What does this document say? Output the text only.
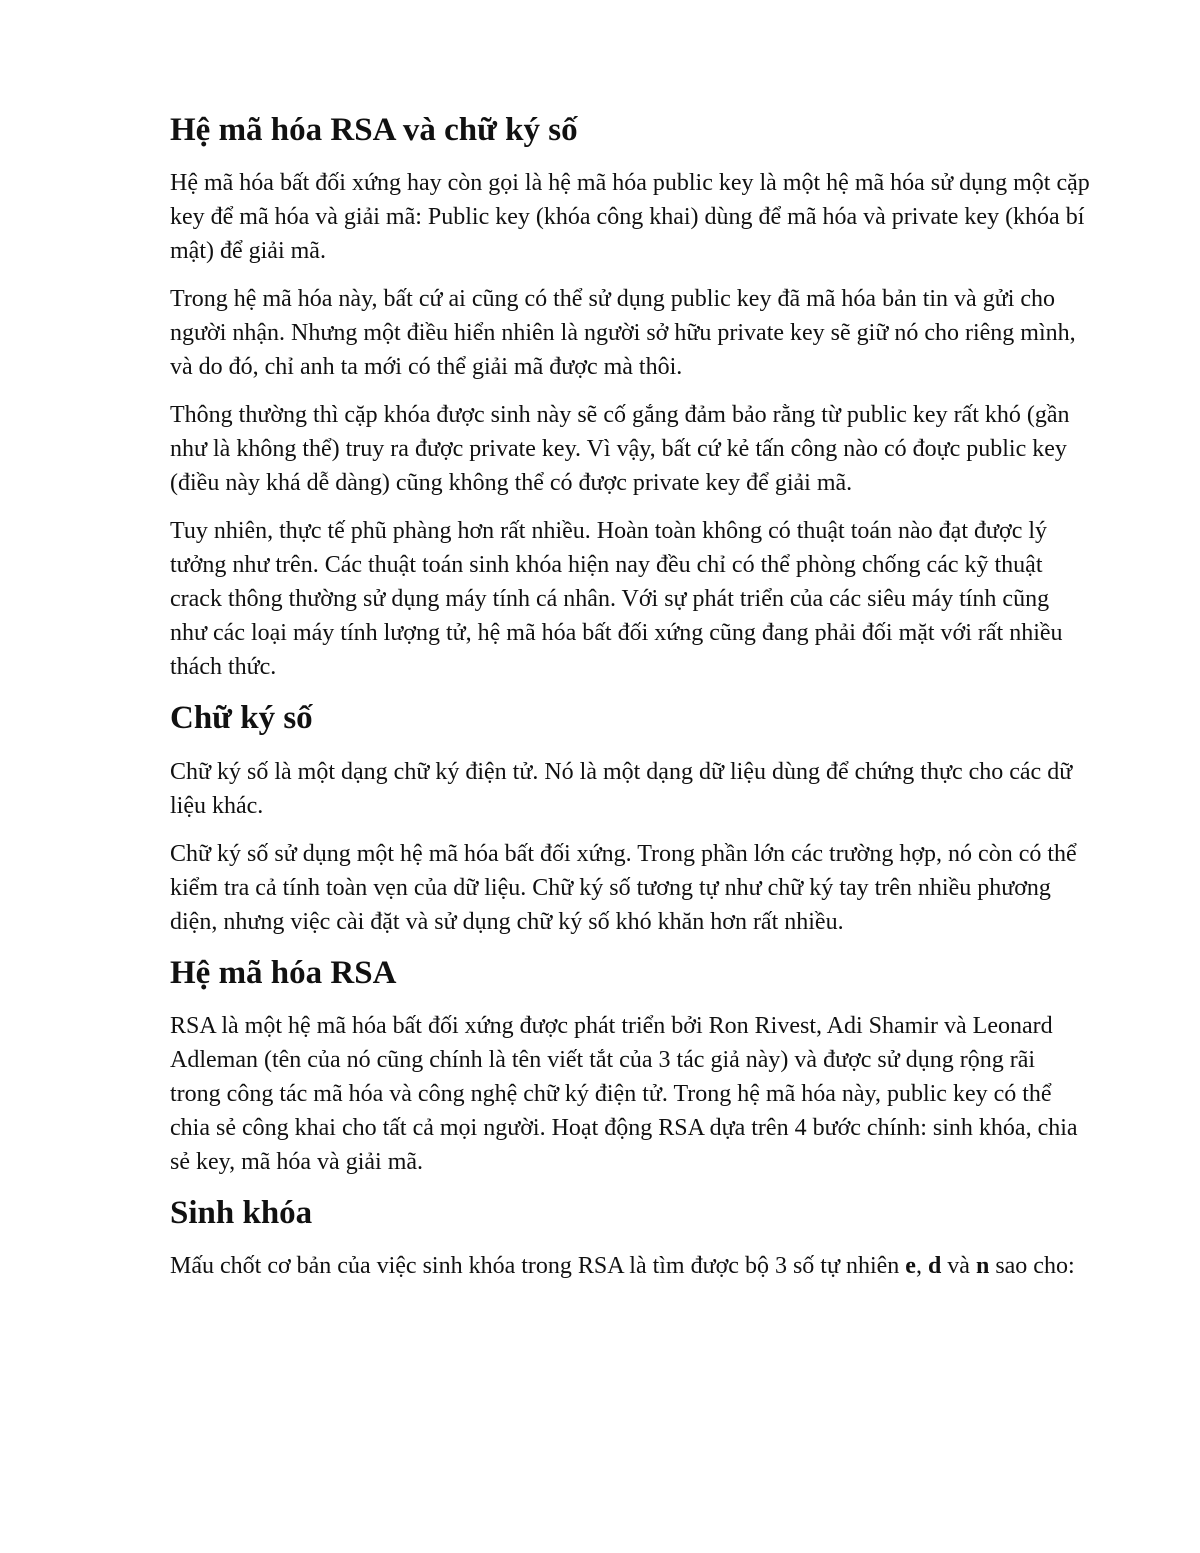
Hệ mã hóa RSA và chữ ký số

Hệ mã hóa bất đối xứng hay còn gọi là hệ mã hóa public key là một hệ mã hóa sử dụng một cặp key để mã hóa và giải mã: Public key (khóa công khai) dùng để mã hóa và private key (khóa bí mật) để giải mã.

Trong hệ mã hóa này, bất cứ ai cũng có thể sử dụng public key đã mã hóa bản tin và gửi cho người nhận. Nhưng một điều hiển nhiên là người sở hữu private key sẽ giữ nó cho riêng mình, và do đó, chỉ anh ta mới có thể giải mã được mà thôi.

Thông thường thì cặp khóa được sinh này sẽ cố gắng đảm bảo rằng từ public key rất khó (gần như là không thể) truy ra được private key. Vì vậy, bất cứ kẻ tấn công nào có đoực public key (điều này khá dễ dàng) cũng không thể có được private key để giải mã.

Tuy nhiên, thực tế phũ phàng hơn rất nhiều. Hoàn toàn không có thuật toán nào đạt được lý tưởng như trên. Các thuật toán sinh khóa hiện nay đều chỉ có thể phòng chống các kỹ thuật crack thông thường sử dụng máy tính cá nhân. Với sự phát triển của các siêu máy tính cũng như các loại máy tính lượng tử, hệ mã hóa bất đối xứng cũng đang phải đối mặt với rất nhiều thách thức.

Chữ ký số

Chữ ký số là một dạng chữ ký điện tử. Nó là một dạng dữ liệu dùng để chứng thực cho các dữ liệu khác.

Chữ ký số sử dụng một hệ mã hóa bất đối xứng. Trong phần lớn các trường hợp, nó còn có thể kiểm tra cả tính toàn vẹn của dữ liệu. Chữ ký số tương tự như chữ ký tay trên nhiều phương diện, nhưng việc cài đặt và sử dụng chữ ký số khó khăn hơn rất nhiều.

Hệ mã hóa RSA

RSA là một hệ mã hóa bất đối xứng được phát triển bởi Ron Rivest, Adi Shamir và Leonard Adleman (tên của nó cũng chính là tên viết tắt của 3 tác giả này) và được sử dụng rộng rãi trong công tác mã hóa và công nghệ chữ ký điện tử. Trong hệ mã hóa này, public key có thể chia sẻ công khai cho tất cả mọi người. Hoạt động RSA dựa trên 4 bước chính: sinh khóa, chia sẻ key, mã hóa và giải mã.

Sinh khóa

Mấu chốt cơ bản của việc sinh khóa trong RSA là tìm được bộ 3 số tự nhiên e, d và n sao cho:
